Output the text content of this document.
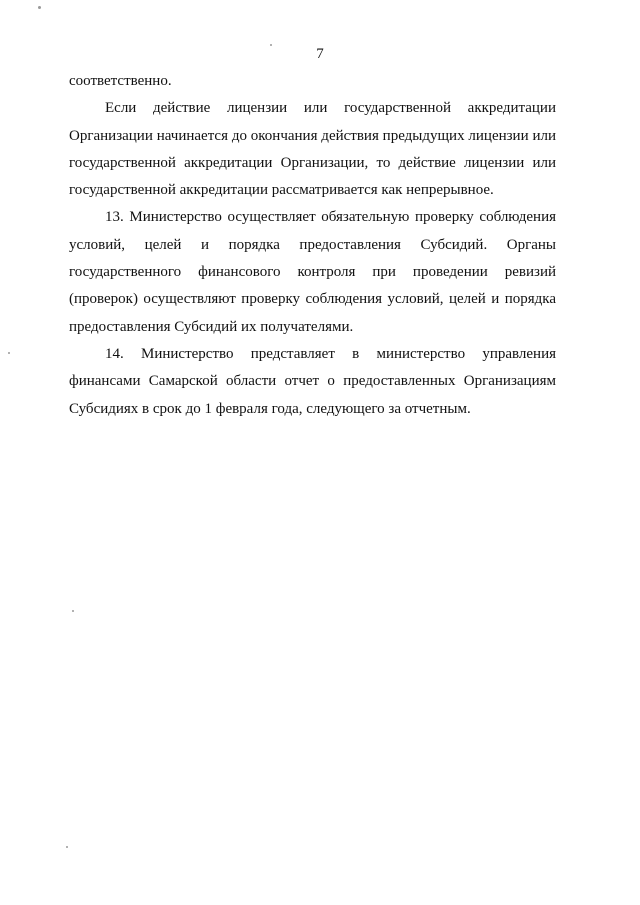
7

соответственно.

Если действие лицензии или государственной аккредитации Организации начинается до окончания действия предыдущих лицензии или государственной аккредитации Организации, то действие лицензии или государственной аккредитации рассматривается как непрерывное.

13. Министерство осуществляет обязательную проверку соблюдения условий, целей и порядка предоставления Субсидий. Органы государственного финансового контроля при проведении ревизий (проверок) осуществляют проверку соблюдения условий, целей и порядка предоставления Субсидий их получателями.

14. Министерство представляет в министерство управления финансами Самарской области отчет о предоставленных Организациям Субсидиях в срок до 1 февраля года, следующего за отчетным.
